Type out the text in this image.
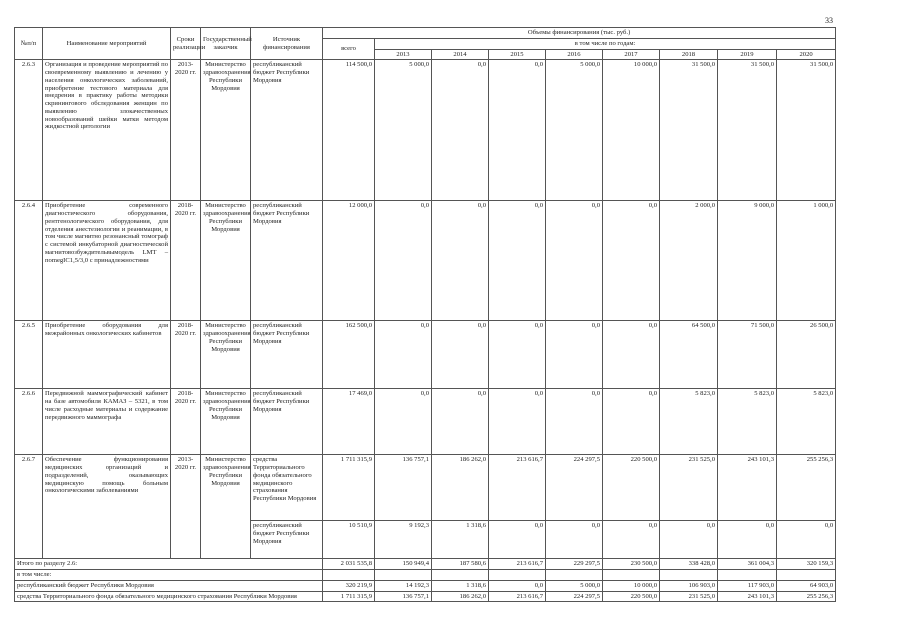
33
№п/п	Наименование мероприятий	Сроки реализации	Государственный заказчик	Источник финансирования	Объемы финансирования (тыс. руб.)								
					всего	в том числе по годам:							
						2013	2014	2015	2016	2017	2018	2019	2020
2.6.3	Организация и проведение мероприятий по своевременному выявлению и лечению у населения онкологических заболеваний, приобретение тестового материала для внедрения в практику работы методики скринингового обследования женщин по выявлению злокачественных новообразований шейки матки методом жидкостной цитологии	2013-2020 гг.	Министерство здравоохранения Республики Мордовия	республиканский бюджет Республики Мордовия	114 500,0	5 000,0	0,0	0,0	5 000,0	10 000,0	31 500,0	31 500,0	31 500,0
2.6.4	Приобретение современного диагностического оборудования, рентгенологического оборудования, для отделения анестезиологии и реанимации, в том числе магнитно резонансный томограф с системой инкубаторной диагностической магнитовозбуждительвымодель LMT – поmegIC1,5/3,0 с принадлежностями	2018-2020 гг.	Министерство здравоохранения Республики Мордовия	республиканский бюджет Республики Мордовия	12 000,0	0,0	0,0	0,0	0,0	0,0	2 000,0	9 000,0	1 000,0
2.6.5	Приобретение оборудования для межрайонных онкологических кабинетов	2018-2020 гг.	Министерство здравоохранения Республики Мордовия	республиканский бюджет Республики Мордовия	162 500,0	0,0	0,0	0,0	0,0	0,0	64 500,0	71 500,0	26 500,0
2.6.6	Передвижной маммографический кабинет на базе автомобиля КАМАЗ – 5321, в том числе расходные материалы и содержание передвижного маммографа	2018-2020 гг.	Министерство здравоохранения Республики Мордовия	республиканский бюджет Республики Мордовия	17 469,0	0,0	0,0	0,0	0,0	0,0	5 823,0	5 823,0	5 823,0
2.6.7	Обеспечение функционирования медицинских организаций и подразделений, оказывающих медицинскую помощь больным онкологическими заболеваниями	2013-2020 гг.	Министерство здравоохранения Республики Мордовия	средства Территориального фонда обязательного медицинского страхования Республики Мордовия	1 711 315,9	136 757,1	186 262,0	213 616,7	224 297,5	220 500,0	231 525,0	243 101,3	255 256,3
				республиканский бюджет Республики Мордовия	10 510,9	9 192,3	1 318,6	0,0	0,0	0,0	0,0	0,0	0,0
Итого по разделу 2.6:					2 031 535,8	150 949,4	187 580,6	213 616,7	229 297,5	230 500,0	338 428,0	361 004,3	320 159,3
в том числе:													
республиканский бюджет Республики Мордовия					320 219,9	14 192,3	1 318,6	0,0	5 000,0	10 000,0	106 903,0	117 903,0	64 903,0
средства Территориального фонда обязательного медицинского страхования Республики Мордовия					1 711 315,9	136 757,1	186 262,0	213 616,7	224 297,5	220 500,0	231 525,0	243 101,3	255 256,3
